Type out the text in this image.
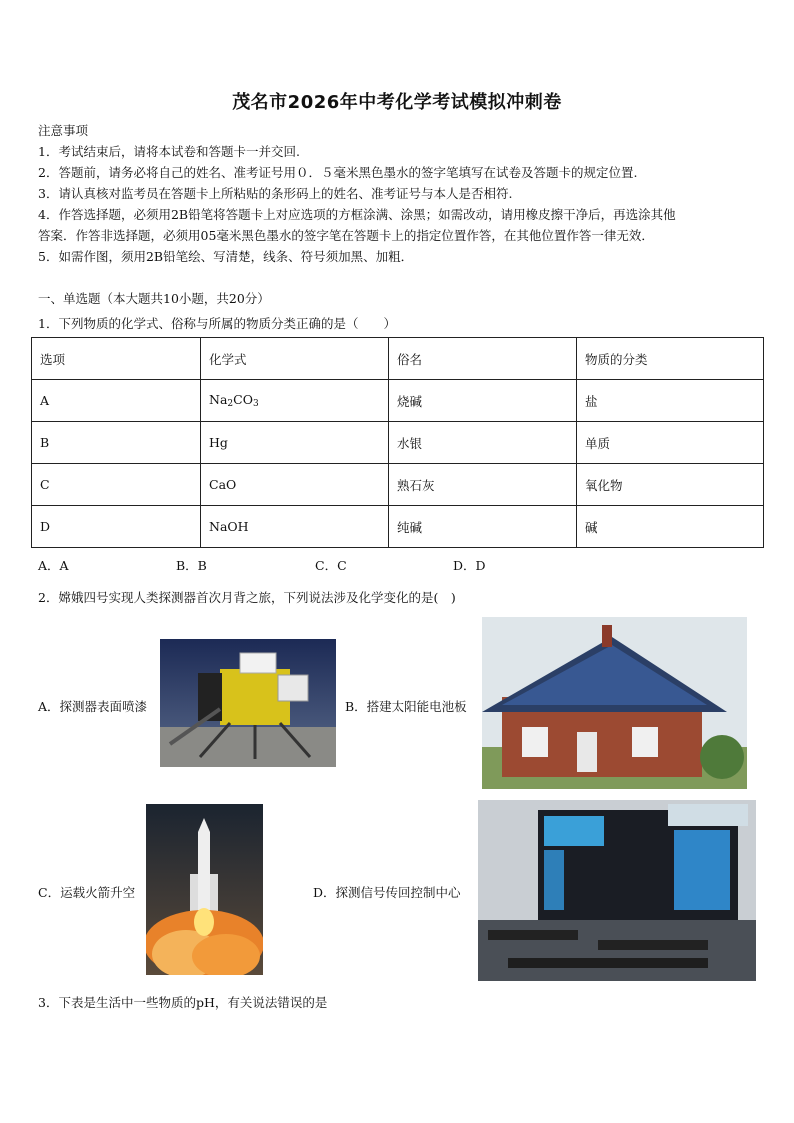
茂名市2026年中考化学考试模拟冲刺卷
注意事项
1．考试结束后，请将本试卷和答题卡一并交回.
2．答题前，请务必将自己的姓名、准考证号用０．５毫米黑色墨水的签字笔填写在试卷及答题卡的规定位置.
3．请认真核对监考员在答题卡上所粘贴的条形码上的姓名、准考证号与本人是否相符.
4．作答选择题，必须用2B铅笔将答题卡上对应选项的方框涂满、涂黑；如需改动，请用橡皮擦干净后，再选涂其他
答案．作答非选择题，必须用05毫米黑色墨水的签字笔在答题卡上的指定位置作答，在其他位置作答一律无效．
5．如需作图，须用2B铅笔绘、写清楚，线条、符号须加黑、加粗．
一、单选题（本大题共10小题，共20分）
1．下列物质的化学式、俗称与所属的物质分类正确的是（　　）
选项	化学式	俗名	物质的分类
A	$Na_2CO_3$	烧碱	盐
B	Hg	水银	单质
C	CaO	熟石灰	氧化物
D	NaOH	纯碱	碱
A．A	B．B	C．C	D．D
2．嫦娥四号实现人类探测器首次月背之旅，下列说法涉及化学变化的是(　)
A．探测器表面喷漆	B．搭建太阳能电池板
C．运载火箭升空	D．探测信号传回控制中心
3．下表是生活中一些物质的pH，有关说法错误的是
